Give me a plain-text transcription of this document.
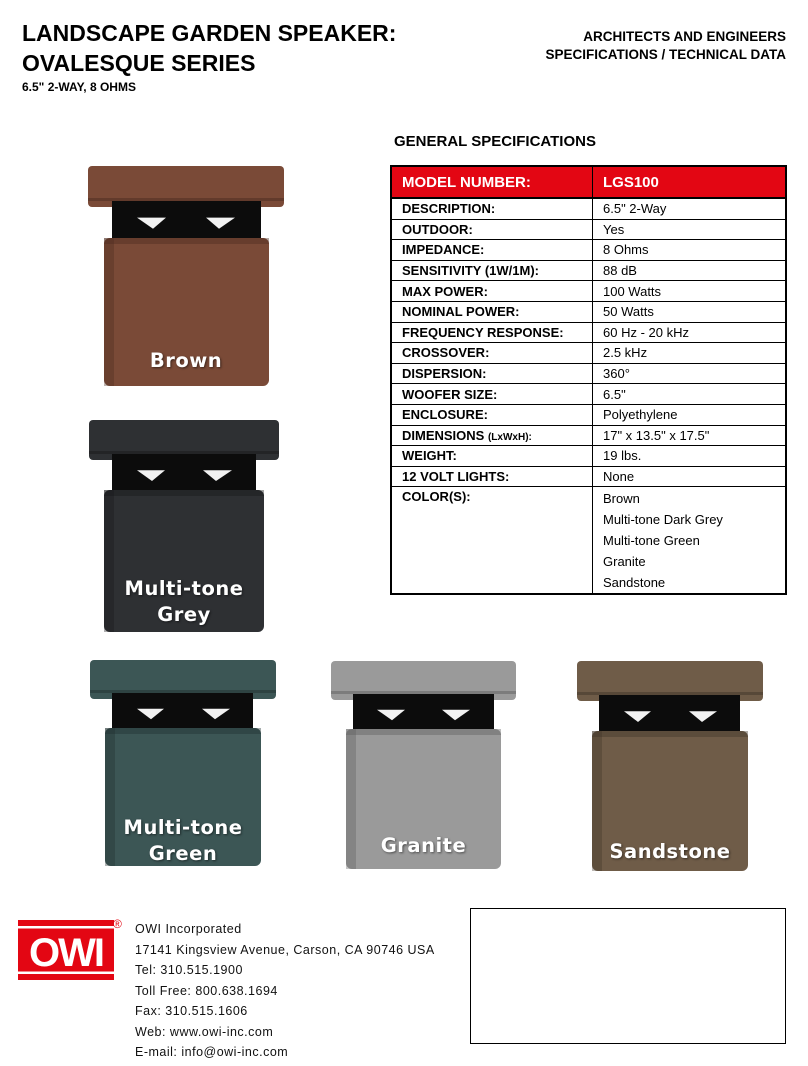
LANDSCAPE GARDEN SPEAKER:
OVALESQUE SERIES
6.5" 2-WAY, 8 OHMS
ARCHITECTS AND ENGINEERS
SPECIFICATIONS / TECHNICAL DATA
GENERAL SPECIFICATIONS
MODEL NUMBER:	LGS100
DESCRIPTION:	6.5" 2-Way
OUTDOOR:	Yes
IMPEDANCE:	8 Ohms
SENSITIVITY (1W/1M):	88 dB
MAX POWER:	100 Watts
NOMINAL POWER:	50 Watts
FREQUENCY RESPONSE:	60 Hz - 20 kHz
CROSSOVER:	2.5 kHz
DISPERSION:	360°
WOOFER SIZE:	6.5"
ENCLOSURE:	Polyethylene
DIMENSIONS (LxWxH):	17" x 13.5" x 17.5"
WEIGHT:	19 lbs.
12 VOLT LIGHTS:	None
COLOR(S):	Brown
Multi-tone Dark Grey
Multi-tone Green
Granite
Sandstone
Brown
Multi-tone
Grey
Multi-tone
Green	Granite	Sandstone
OWI
® OWI Incorporated
17141 Kingsview Avenue, Carson, CA 90746 USA
Tel: 310.515.1900
Toll Free: 800.638.1694
Fax: 310.515.1606
Web: www.owi-inc.com
E-mail: info@owi-inc.com
